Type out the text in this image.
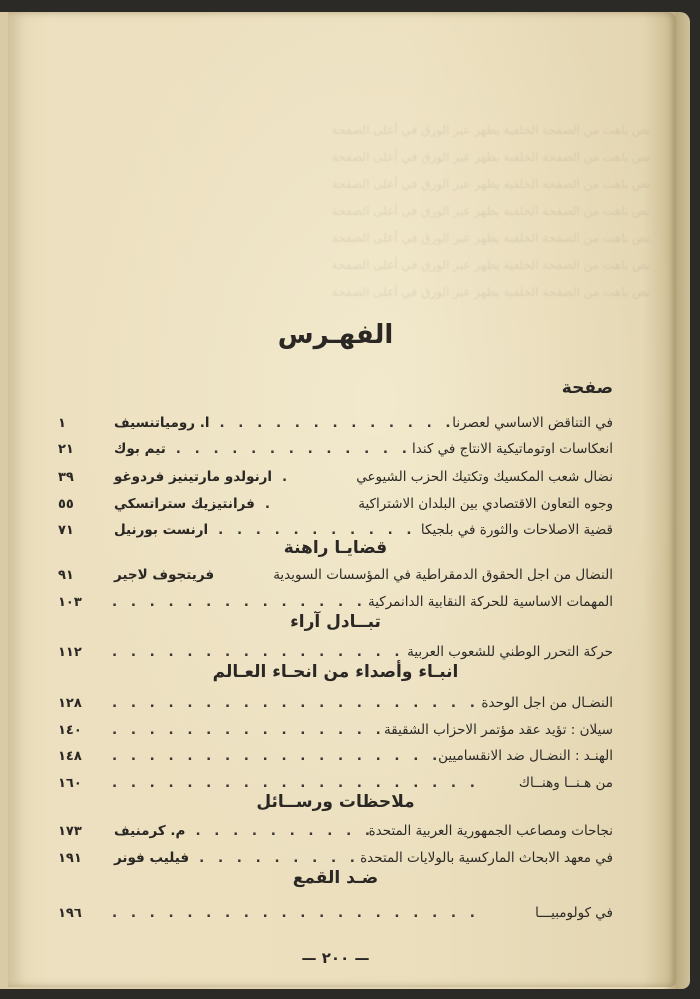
نص باهت من الصفحة الخلفية يظهر عبر الورق في أعلى الصفحة
نص باهت من الصفحة الخلفية يظهر عبر الورق في أعلى الصفحة
نص باهت من الصفحة الخلفية يظهر عبر الورق في أعلى الصفحة
نص باهت من الصفحة الخلفية يظهر عبر الورق في أعلى الصفحة
نص باهت من الصفحة الخلفية يظهر عبر الورق في أعلى الصفحة
نص باهت من الصفحة الخلفية يظهر عبر الورق في أعلى الصفحة
نص باهت من الصفحة الخلفية يظهر عبر الورق في أعلى الصفحة
الفهـرس
صفحة
في التناقض الاساسي لعصرنا
. .
ا. رومياتنسيف
١
انعكاسات اوتوماتيكية الانتاج في كندا
. .
تيم بوك
٢١
نضال شعب المكسيك وتكتيك الحزب الشيوعي
.
ارنولدو مارتينيز فردوغو
٣٩
وجوه التعاون الاقتصادي بين البلدان الاشتراكية
.
فرانتيزيك ستراتسكي
٥٥
قضية الاصلاحات والثورة في بلجيكا
. .
ارنست بورنيل
٧١
قضايـا راهنة
النضال من اجل الحقوق الدمقراطية في المؤسسات السويدية
فريتجوف لاجير
٩١
المهمات الاساسية للحركة النقابية الدانمركية
. .
١٠٣
تبــادل آراء
حركة التحرر الوطني للشعوب العربية
. .
١١٢
انبـاء وأصداء من انحـاء العـالم
النضـال من اجل الوحدة
. .
١٢٨
سيلان : تؤيد عقد مؤتمر الاحزاب الشقيقة
. .
١٤٠
الهنـد : النضـال ضد الانقساميين
. .
١٤٨
من هـنــا وهنــاك
. .
١٦٠
ملاحظات ورســائل
نجاحات ومصاعب الجمهورية العربية المتحدة
. .
م. كرمنيف
١٧٣
في معهد الابحاث الماركسية بالولايات المتحدة
. .
فيليب فونر
١٩١
ضـد القمع
في كولومبيـــا
. .
١٩٦
— ٢٠٠ —
